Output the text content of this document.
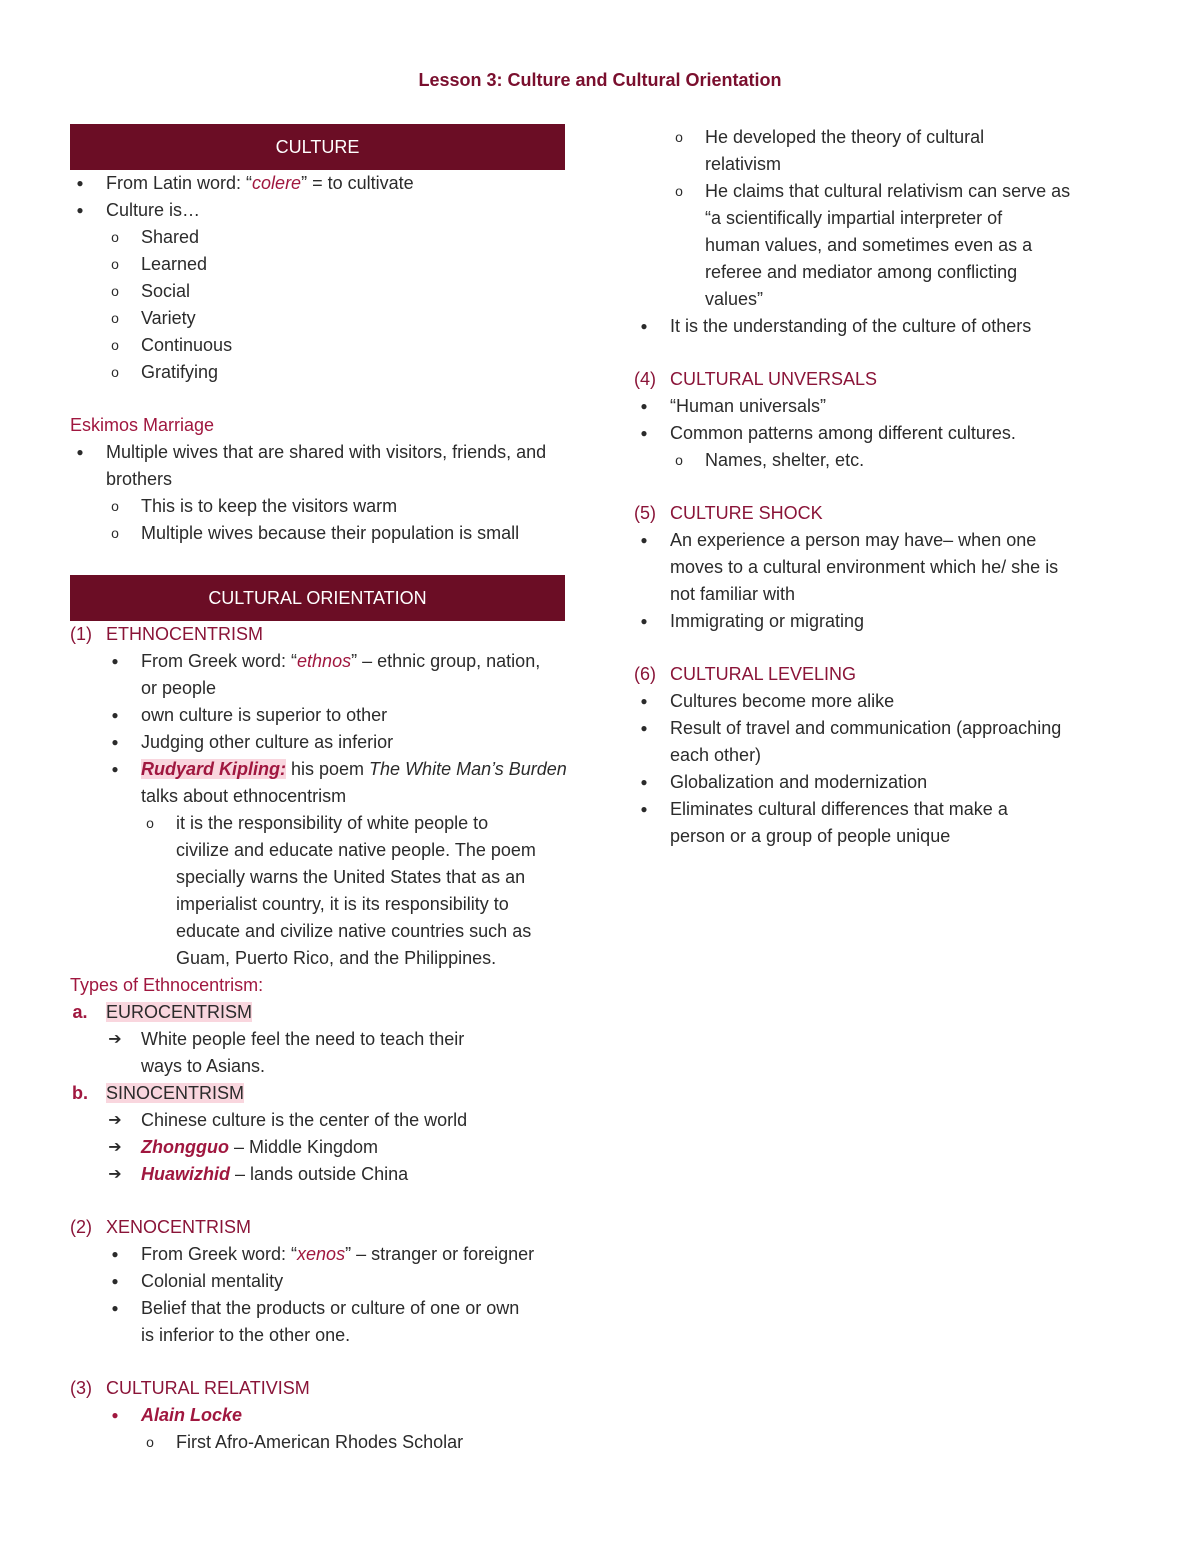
Lesson 3: Culture and Cultural Orientation
CULTURE
●	From Latin word: “colere” = to cultivate
●	Culture is…
o	Shared
o	Learned
o	Social
o	Variety
o	Continuous
o	Gratifying
Eskimos Marriage
●	Multiple wives that are shared with visitors, friends, and brothers
o	This is to keep the visitors warm
o	Multiple wives because their population is small
CULTURAL ORIENTATION
(1) ETHNOCENTRISM
●	From Greek word: “ethnos” – ethnic group, nation,
or people
●	own culture is superior to other
●	Judging other culture as inferior
●	Rudyard Kipling: his poem The White Man’s Burden
talks about ethnocentrism
o	it is the responsibility of white people to
civilize and educate native people. The poem
specially warns the United States that as an
imperialist country, it is its responsibility to
educate and civilize native countries such as
Guam, Puerto Rico, and the Philippines.
Types of Ethnocentrism:
a. EUROCENTRISM
➔ White people feel the need to teach their
ways to Asians.
b. SINOCENTRISM
➔ Chinese culture is the center of the world
➔ Zhongguo – Middle Kingdom
➔ Huawizhid – lands outside China
(2) XENOCENTRISM
●	From Greek word: “xenos” – stranger or foreigner
●	Colonial mentality
●	Belief that the products or culture of one or own
is inferior to the other one.
(3) CULTURAL RELATIVISM
●	Alain Locke
o	First Afro-American Rhodes Scholar
o	He developed the theory of cultural
relativism
o	He claims that cultural relativism can serve as
“a scientifically impartial interpreter of
human values, and sometimes even as a
referee and mediator among conflicting
values”
●	It is the understanding of the culture of others
(4) CULTURAL UNVERSALS
●	“Human universals”
●	Common patterns among different cultures.
o	Names, shelter, etc.
(5) CULTURE SHOCK
●	An experience a person may have– when one
moves to a cultural environment which he/ she is
not familiar with
●	Immigrating or migrating
(6) CULTURAL LEVELING
●	Cultures become more alike
●	Result of travel and communication (approaching
each other)
●	Globalization and modernization
●	Eliminates cultural differences that make a
person or a group of people unique
